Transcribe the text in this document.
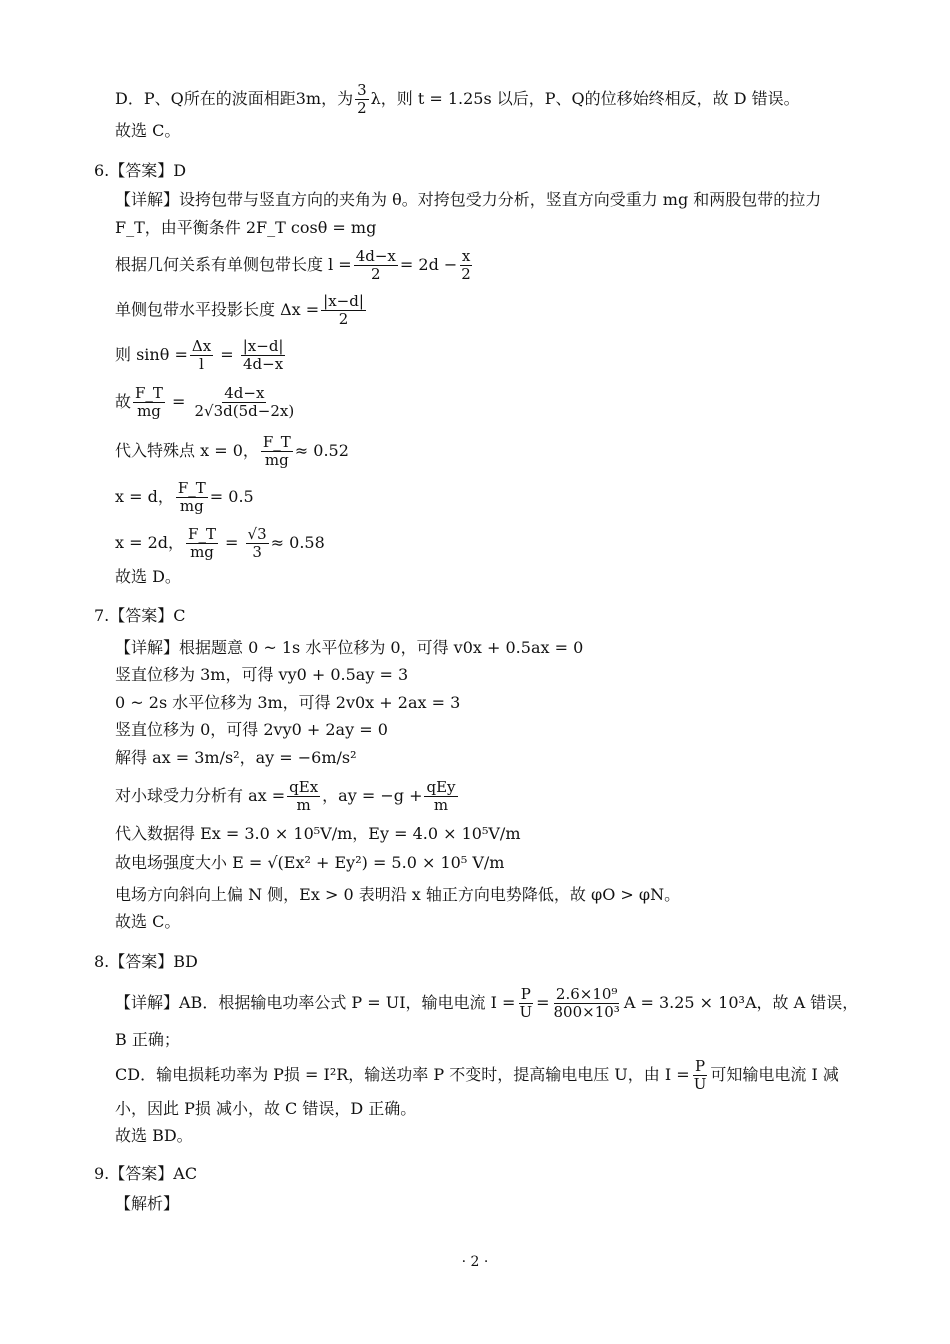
D．P、Q所在的波面相距3m，为 $\frac{3}{2}$ λ，则 t = 1.25s 以后，P、Q的位移始终相反，故 D 错误。
故选 C。
6.【答案】D
【详解】设挎包带与竖直方向的夹角为 θ。对挎包受力分析，竖直方向受重力 mg 和两股包带的拉力
F_T，由平衡条件 2F_T cosθ = mg
根据几何关系有单侧包带长度 $l = \frac{4d-x}{2} = 2d - \frac{x}{2}$
单侧包带水平投影长度 $\Delta x = \frac{|x-d|}{2}$
则 $\sin\theta = \frac{\Delta x}{l} = \frac{|x-d|}{4d-x}$
故 $\frac{F\_T}{mg} = \frac{4d-x}{2√3d(5d-2x)}$
代入特殊点 x = 0， $\frac{F\_T}{mg} \approx 0.52$
x = d， $\frac{F\_T}{mg} = 0.5$
x = 2d， $\frac{F\_T}{mg} = \frac{√3}{3} \approx 0.58$
故选 D。
7.【答案】C
【详解】根据题意 0 ~ 1s 水平位移为 0，可得 v0x + 0.5ax = 0
竖直位移为 3m，可得 vy0 + 0.5ay = 3
0 ~ 2s 水平位移为 3m，可得 2v0x + 2ax = 3
竖直位移为 0，可得 2vy0 + 2ay = 0
解得 ax = 3m/s²，ay = −6m/s²
对小球受力分析有 ax = $\frac{\text{qEx}}{m}$ ，ay = $-g + \frac{\text{qEy}}{m}$
代入数据得 Ex = 3.0 × 10⁵V/m，Ey = 4.0 × 10⁵V/m
故电场强度大小 E = √(Ex² + Ey²) = 5.0 × 10⁵ V/m
电场方向斜向上偏 N 侧，Ex > 0 表明沿 x 轴正方向电势降低，故 φO > φN。
故选 C。
8.【答案】BD
【详解】AB．根据输电功率公式 P = UI，输电电流 $I = \frac{P}{U} = \frac{\text{2.6×10⁹}}{\text{800×10³}}$ A = 3.25 × 10³A，故 A 错误，
B 正确；
CD．输电损耗功率为 P损 = I²R，输送功率 P 不变时，提高输电电压 U，由 $I = \frac{P}{U}$ 可知输电电流 I 减
小，因此 P损 减小，故 C 错误，D 正确。
故选 BD。
9.【答案】AC
【解析】
· 2 ·
